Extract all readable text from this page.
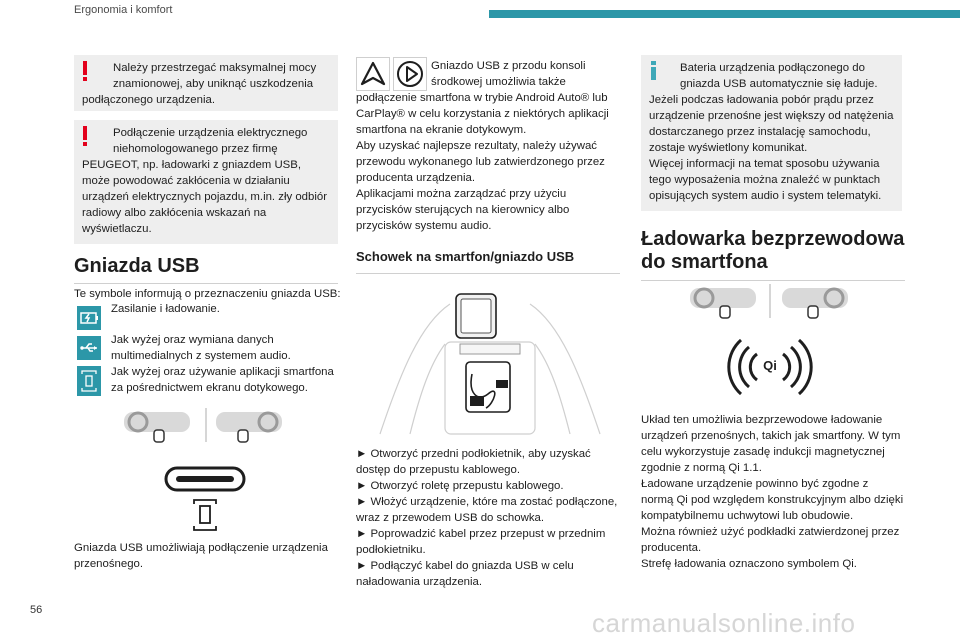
Ergonomia i komfort

Należy przestrzegać maksymalnej mocy

znamionowej, aby uniknąć uszkodzenia

podłączonego urządzenia.

Podłączenie urządzenia elektrycznego

niehomologowanego przez firmę

PEUGEOT, np. ładowarki z gniazdem USB,

może powodować zakłócenia w działaniu

urządzeń elektrycznych pojazdu, m.in. zły odbiór

radiowy albo zakłócenia wskazań na

wyświetlaczu.

Gniazda USB
Te symbole informują o przeznaczeniu gniazda USB:
Zasilanie i ładowanie.

Jak wyżej oraz wymiana danych

multimedialnych z systemem audio.

Jak wyżej oraz używanie aplikacji smartfona

za pośrednictwem ekranu dotykowego.

Gniazda USB umożliwiają podłączenie urządzenia

przenośnego.

Gniazdo USB z przodu konsoli

środkowej umożliwia także

podłączenie smartfona w trybie Android Auto® lub

CarPlay® w celu korzystania z niektórych aplikacji

smartfona na ekranie dotykowym.

Aby uzyskać najlepsze rezultaty, należy używać

przewodu wykonanego lub zatwierdzonego przez

producenta urządzenia.

Aplikacjami można zarządzać przy użyciu

przycisków sterujących na kierownicy albo

przycisków systemu audio.

Schowek na smartfon/gniazdo USB

► Otworzyć przedni podłokietnik, aby uzyskać

dostęp do przepustu kablowego.

► Otworzyć roletę przepustu kablowego.

► Włożyć urządzenie, które ma zostać podłączone,

wraz z przewodem USB do schowka.

► Poprowadzić kabel przez przepust w przednim

podłokietniku.

► Podłączyć kabel do gniazda USB w celu

naładowania urządzenia.

Bateria urządzenia podłączonego do

gniazda USB automatycznie się ładuje.

Jeżeli podczas ładowania pobór prądu przez

urządzenie przenośne jest większy od natężenia

dostarczanego przez instalację samochodu,

zostaje wyświetlony komunikat.

Więcej informacji na temat sposobu używania

tego wyposażenia można znaleźć w punktach

opisujących system audio i system telematyki.

Ładowarka bezprzewodowa
do smartfona
Qi

Układ ten umożliwia bezprzewodowe ładowanie

urządzeń przenośnych, takich jak smartfony. W tym

celu wykorzystuje zasadę indukcji magnetycznej

zgodnie z normą Qi 1.1.

Ładowane urządzenie powinno być zgodne z

normą Qi pod względem konstrukcyjnym albo dzięki

kompatybilnemu uchwytowi lub obudowie.

Można również użyć podkładki zatwierdzonej przez

producenta.

Strefę ładowania oznaczono symbolem Qi.

56	carmanualsonline.info
